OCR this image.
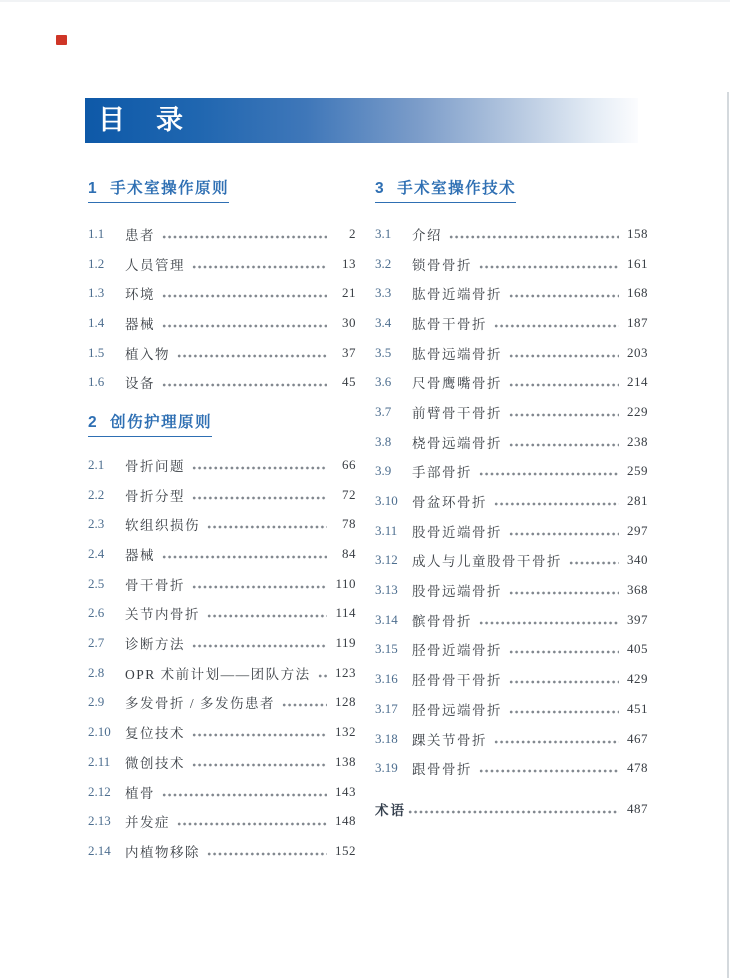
目　录
1 手术室操作原则
1.1	患者	2
1.2	人员管理	13
1.3	环境	21
1.4	器械	30
1.5	植入物	37
1.6	设备	45
2 创伤护理原则
2.1	骨折问题	66
2.2	骨折分型	72
2.3	软组织损伤	78
2.4	器械	84
2.5	骨干骨折	110
2.6	关节内骨折	114
2.7	诊断方法	119
2.8	OPR 术前计划——团队方法 123
2.9	多发骨折 / 多发伤患者	128
2.10	复位技术	132
2.11	微创技术	138
2.12	植骨	143
2.13	并发症	148
2.14	内植物移除	152
3 手术室操作技术
3.1	介绍	158
3.2	锁骨骨折	161
3.3	肱骨近端骨折	168
3.4	肱骨干骨折	187
3.5	肱骨远端骨折	203
3.6	尺骨鹰嘴骨折	214
3.7	前臂骨干骨折	229
3.8	桡骨远端骨折	238
3.9	手部骨折	259
3.10	骨盆环骨折	281
3.11	股骨近端骨折	297
3.12	成人与儿童股骨干骨折	340
3.13	股骨远端骨折	368
3.14	髌骨骨折	397
3.15	胫骨近端骨折	405
3.16	胫骨骨干骨折	429
3.17	胫骨远端骨折	451
3.18	踝关节骨折	467
3.19	跟骨骨折	478
术语	487
